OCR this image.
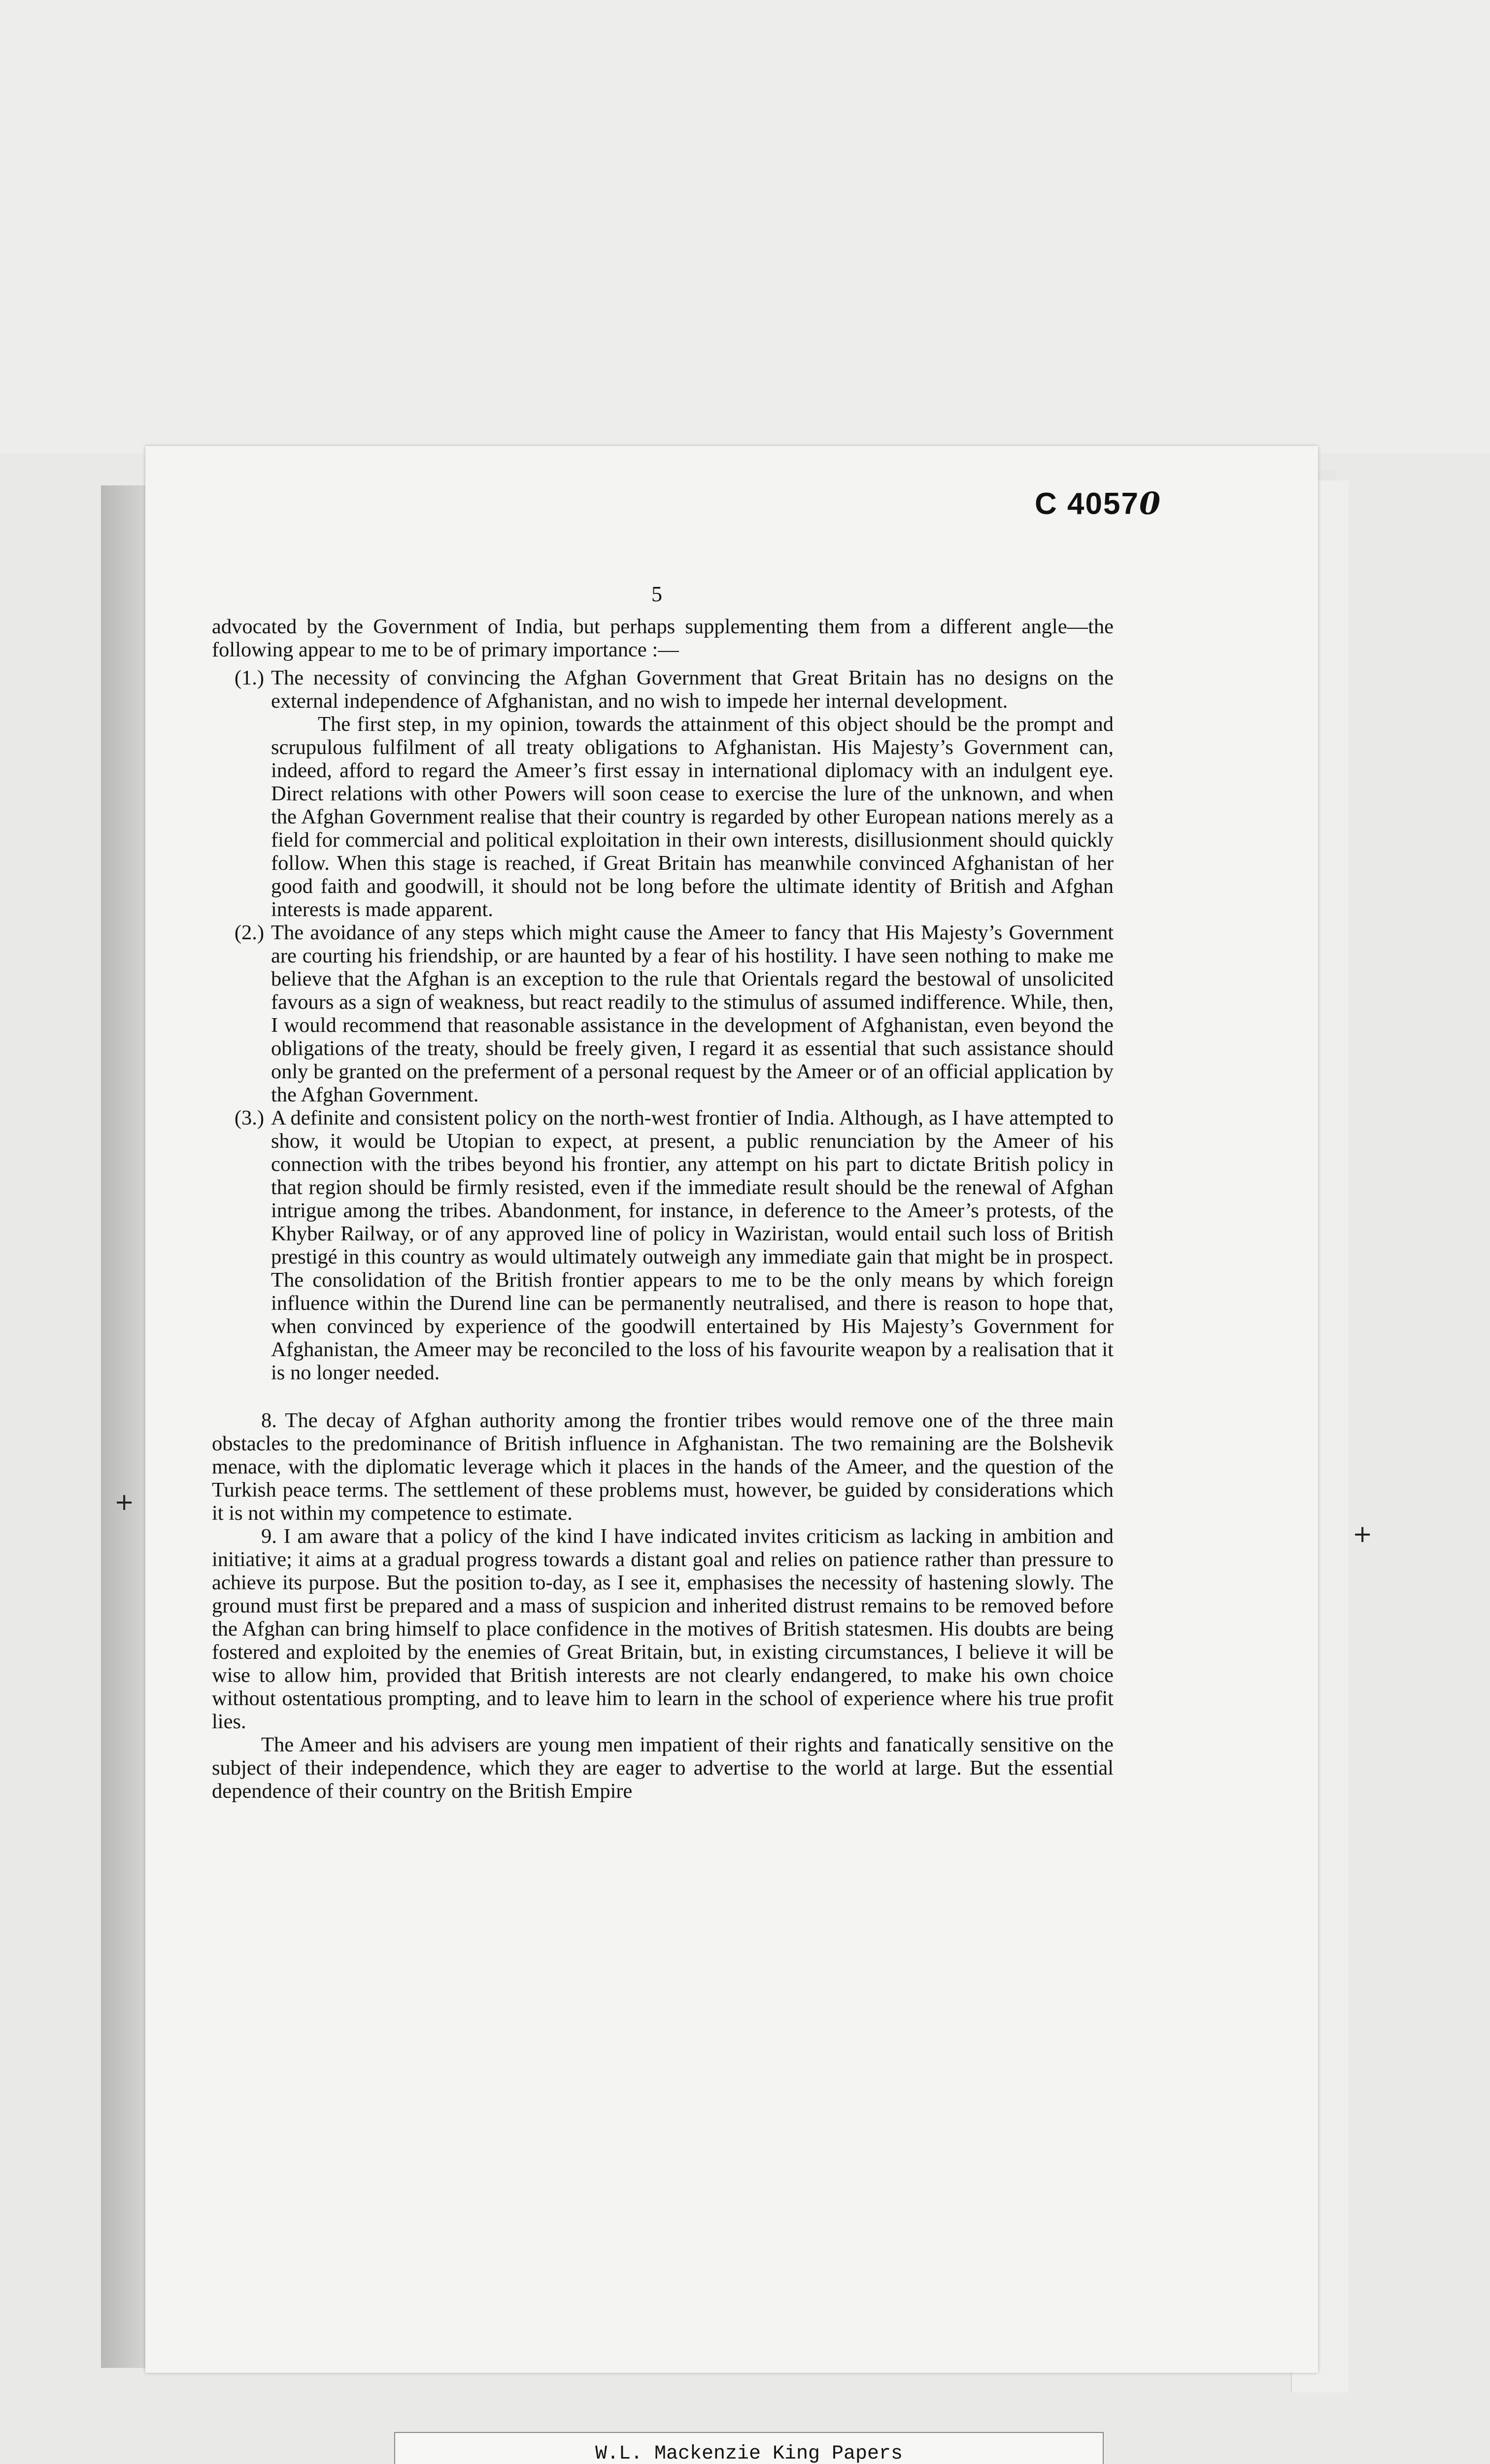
C 40570
5
+
+

advocated by the Government of India, but perhaps supplementing them from a different angle—the following appear to me to be of primary importance :—

(1.) The necessity of convincing the Afghan Government that Great Britain has no designs on the external independence of Afghanistan, and no wish to impede her internal development.

The first step, in my opinion, towards the attainment of this object should be the prompt and scrupulous fulfilment of all treaty obligations to Afghanistan. His Majesty’s Government can, indeed, afford to regard the Ameer’s first essay in international diplomacy with an indulgent eye. Direct relations with other Powers will soon cease to exercise the lure of the unknown, and when the Afghan Government realise that their country is regarded by other European nations merely as a field for commercial and political exploitation in their own interests, disillusionment should quickly follow. When this stage is reached, if Great Britain has meanwhile convinced Afghanistan of her good faith and goodwill, it should not be long before the ultimate identity of British and Afghan interests is made apparent.

(2.) The avoidance of any steps which might cause the Ameer to fancy that His Majesty’s Government are courting his friendship, or are haunted by a fear of his hostility. I have seen nothing to make me believe that the Afghan is an exception to the rule that Orientals regard the bestowal of unsolicited favours as a sign of weakness, but react readily to the stimulus of assumed indifference. While, then, I would recommend that reasonable assistance in the development of Afghanistan, even beyond the obligations of the treaty, should be freely given, I regard it as essential that such assistance should only be granted on the preferment of a personal request by the Ameer or of an official application by the Afghan Government.

(3.) A definite and consistent policy on the north-west frontier of India. Although, as I have attempted to show, it would be Utopian to expect, at present, a public renunciation by the Ameer of his connection with the tribes beyond his frontier, any attempt on his part to dictate British policy in that region should be firmly resisted, even if the immediate result should be the renewal of Afghan intrigue among the tribes. Abandonment, for instance, in deference to the Ameer’s protests, of the Khyber Railway, or of any approved line of policy in Waziristan, would entail such loss of British prestigé in this country as would ultimately outweigh any immediate gain that might be in prospect. The consolidation of the British frontier appears to me to be the only means by which foreign influence within the Durend line can be permanently neutralised, and there is reason to hope that, when convinced by experience of the goodwill entertained by His Majesty’s Government for Afghanistan, the Ameer may be reconciled to the loss of his favourite weapon by a realisation that it is no longer needed.

8. The decay of Afghan authority among the frontier tribes would remove one of the three main obstacles to the predominance of British influence in Afghanistan. The two remaining are the Bolshevik menace, with the diplomatic leverage which it places in the hands of the Ameer, and the question of the Turkish peace terms. The settlement of these problems must, however, be guided by considerations which it is not within my competence to estimate.

9. I am aware that a policy of the kind I have indicated invites criticism as lacking in ambition and initiative; it aims at a gradual progress towards a distant goal and relies on patience rather than pressure to achieve its purpose. But the position to-day, as I see it, emphasises the necessity of hastening slowly. The ground must first be prepared and a mass of suspicion and inherited distrust remains to be removed before the Afghan can bring himself to place confidence in the motives of British statesmen. His doubts are being fostered and exploited by the enemies of Great Britain, but, in existing circumstances, I believe it will be wise to allow him, provided that British interests are not clearly endangered, to make his own choice without ostentatious prompting, and to leave him to learn in the school of experience where his true profit lies.

The Ameer and his advisers are young men impatient of their rights and fanatically sensitive on the subject of their independence, which they are eager to advertise to the world at large. But the essential dependence of their country on the British Empire

W.L. Mackenzie King Papers
